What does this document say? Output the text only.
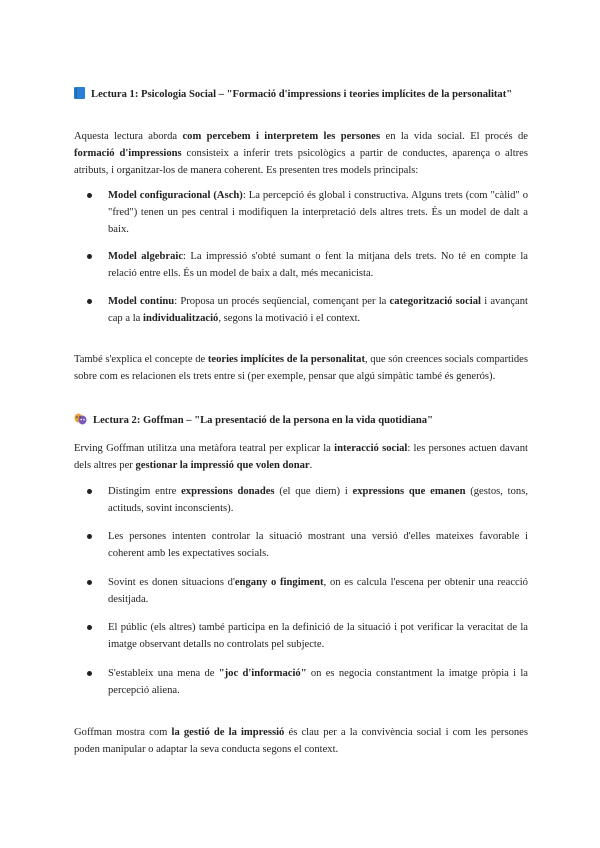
Lectura 1: Psicologia Social – "Formació d'impressions i teories implícites de la personalitat"
Aquesta lectura aborda com percebem i interpretem les persones en la vida social. El procés de formació d'impressions consisteix a inferir trets psicològics a partir de conductes, aparença o altres atributs, i organitzar-los de manera coherent. Es presenten tres models principals:
Model configuracional (Asch): La percepció és global i constructiva. Alguns trets (com "càlid" o "fred") tenen un pes central i modifiquen la interpretació dels altres trets. És un model de dalt a baix.
Model algebraic: La impressió s'obté sumant o fent la mitjana dels trets. No té en compte la relació entre ells. És un model de baix a dalt, més mecanicista.
Model continu: Proposa un procés seqüencial, començant per la categorització social i avançant cap a la individualització, segons la motivació i el context.
També s'explica el concepte de teories implícites de la personalitat, que són creences socials compartides sobre com es relacionen els trets entre si (per exemple, pensar que algú simpàtic també és generós).
Lectura 2: Goffman – "La presentació de la persona en la vida quotidiana"
Erving Goffman utilitza una metàfora teatral per explicar la interacció social: les persones actuen davant dels altres per gestionar la impressió que volen donar.
Distingim entre expressions donades (el que diem) i expressions que emanen (gestos, tons, actituds, sovint inconscients).
Les persones intenten controlar la situació mostrant una versió d'elles mateixes favorable i coherent amb les expectatives socials.
Sovint es donen situacions d'engany o fingiment, on es calcula l'escena per obtenir una reacció desitjada.
El públic (els altres) també participa en la definició de la situació i pot verificar la veracitat de la imatge observant detalls no controlats pel subjecte.
S'estableix una mena de "joc d'informació" on es negocia constantment la imatge pròpia i la percepció aliena.
Goffman mostra com la gestió de la impressió és clau per a la convivència social i com les persones poden manipular o adaptar la seva conducta segons el context.
